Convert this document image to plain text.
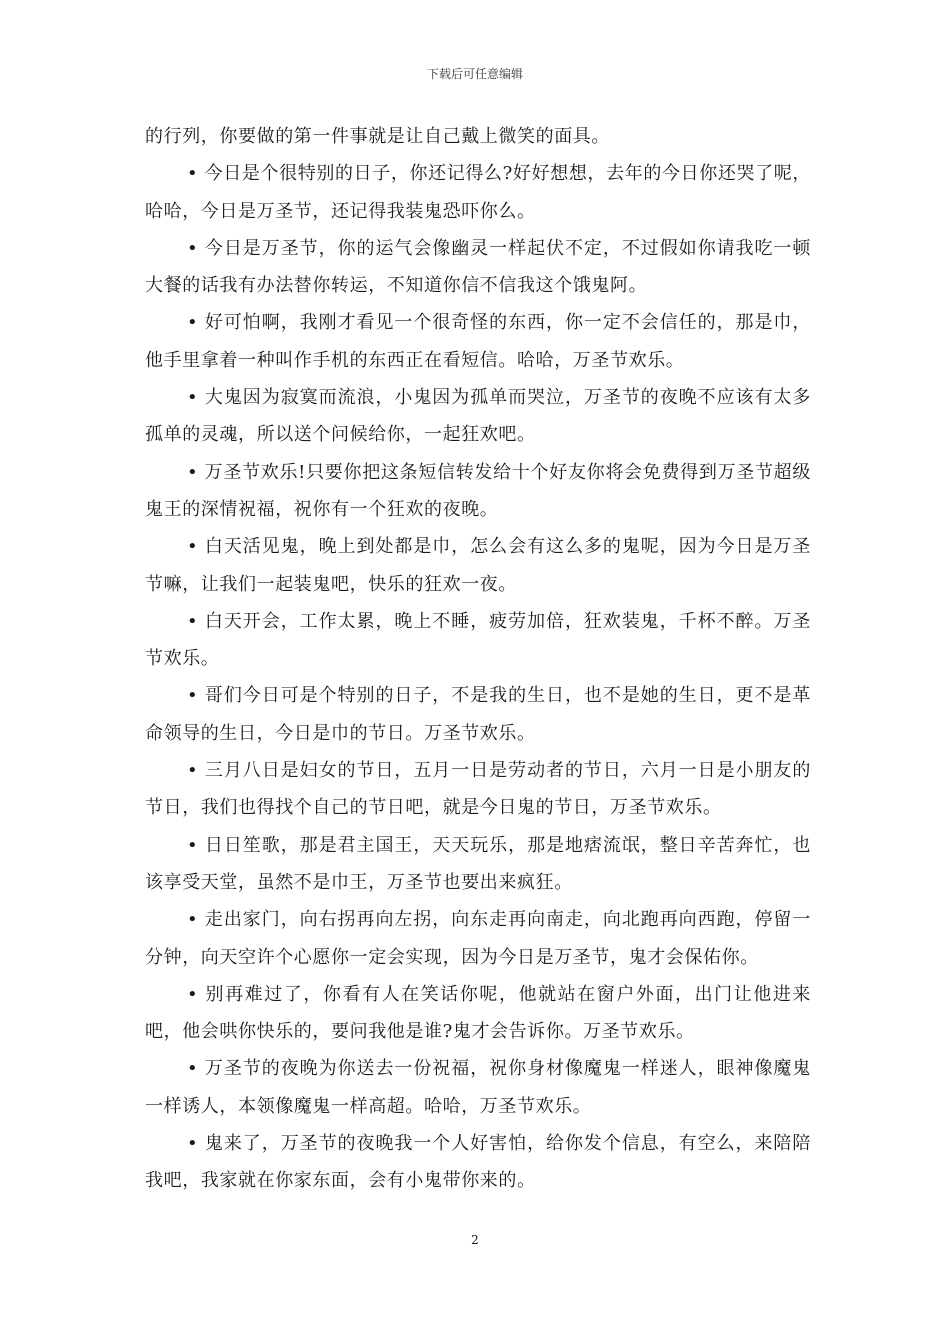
下载后可任意编辑

的行列，你要做的第一件事就是让自己戴上微笑的面具。

• 今日是个很特别的日子，你还记得么?好好想想，去年的今日你还哭了呢，哈哈，今日是万圣节，还记得我装鬼恐吓你么。

• 今日是万圣节，你的运气会像幽灵一样起伏不定，不过假如你请我吃一顿大餐的话我有办法替你转运，不知道你信不信我这个饿鬼阿。

• 好可怕啊，我刚才看见一个很奇怪的东西，你一定不会信任的，那是巾，他手里拿着一种叫作手机的东西正在看短信。哈哈，万圣节欢乐。

• 大鬼因为寂寞而流浪，小鬼因为孤单而哭泣，万圣节的夜晚不应该有太多孤单的灵魂，所以送个问候给你，一起狂欢吧。

• 万圣节欢乐!只要你把这条短信转发给十个好友你将会免费得到万圣节超级鬼王的深情祝福，祝你有一个狂欢的夜晚。

• 白天活见鬼，晚上到处都是巾，怎么会有这么多的鬼呢，因为今日是万圣节嘛，让我们一起装鬼吧，快乐的狂欢一夜。

• 白天开会，工作太累，晚上不睡，疲劳加倍，狂欢装鬼，千杯不醉。万圣节欢乐。

• 哥们今日可是个特别的日子，不是我的生日，也不是她的生日，更不是革命领导的生日，今日是巾的节日。万圣节欢乐。

• 三月八日是妇女的节日，五月一日是劳动者的节日，六月一日是小朋友的节日，我们也得找个自己的节日吧，就是今日鬼的节日，万圣节欢乐。

• 日日笙歌，那是君主国王，天天玩乐，那是地痞流氓，整日辛苦奔忙，也该享受天堂，虽然不是巾王，万圣节也要出来疯狂。

• 走出家门，向右拐再向左拐，向东走再向南走，向北跑再向西跑，停留一分钟，向天空许个心愿你一定会实现，因为今日是万圣节，鬼才会保佑你。

• 别再难过了，你看有人在笑话你呢，他就站在窗户外面，出门让他进来吧，他会哄你快乐的，要问我他是谁?鬼才会告诉你。万圣节欢乐。

• 万圣节的夜晚为你送去一份祝福，祝你身材像魔鬼一样迷人，眼神像魔鬼一样诱人，本领像魔鬼一样高超。哈哈，万圣节欢乐。

• 鬼来了，万圣节的夜晚我一个人好害怕，给你发个信息，有空么，来陪陪我吧，我家就在你家东面，会有小鬼带你来的。

2
